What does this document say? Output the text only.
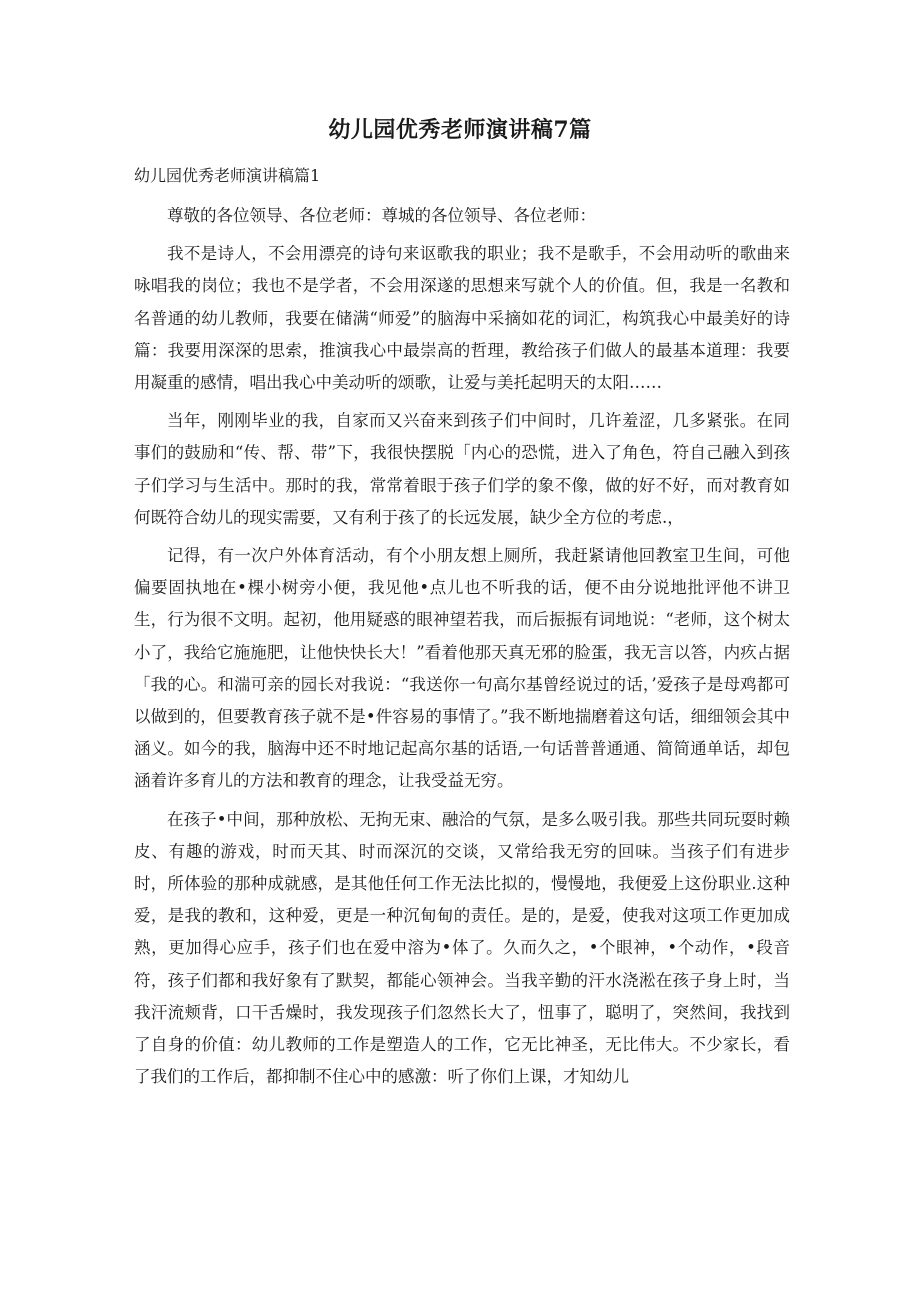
幼儿园优秀老师演讲稿7篇
幼儿园优秀老师演讲稿篇1

尊敬的各位领导、各位老师：尊城的各位领导、各位老师：

我不是诗人，不会用漂亮的诗句来讴歌我的职业；我不是歌手，不会用动听的歌曲来咏唱我的岗位；我也不是学者，不会用深遂的思想来写就个人的价值。但，我是一名教和名普通的幼儿教师，我要在储满“师爱”的脑海中采摘如花的词汇，构筑我心中最美好的诗篇：我要用深深的思索，推演我心中最崇高的哲理，教给孩子们做人的最基本道理：我要用凝重的感情，唱出我心中美动听的颂歌，让爱与美托起明天的太阳……

当年，刚刚毕业的我，自家而又兴奋来到孩子们中间时，几许羞涩，几多紧张。在同事们的鼓励和“传、帮、带”下，我很快摆脱「内心的恐慌，进入了角色，符自己融入到孩子们学习与生活中。那时的我，常常着眼于孩子们学的象不像，做的好不好，而对教育如何既符合幼儿的现实需要，又有利于孩了的长远发展，缺少全方位的考虑.，

记得，有一次户外体育活动，有个小朋友想上厕所，我赶紧请他回教室卫生间，可他偏要固执地在•棵小树旁小便，我见他•点儿也不听我的话，便不由分说地批评他不讲卫生，行为很不文明。起初，他用疑惑的眼神望若我，而后振振有词地说：“老师，这个树太小了，我给它施施肥，让他快快长大！”看着他那天真无邪的脸蛋，我无言以答，内疚占据「我的心。和湍可亲的园长对我说：“我送你一句高尔基曾经说过的话，’爱孩子是母鸡都可以做到的，但要教育孩子就不是•件容易的事情了。”我不断地揣磨着这句话，细细领会其中涵义。如今的我，脑海中还不时地记起高尔基的话语,一句话普普通通、简简通单话，却包涵着许多育儿的方法和教育的理念，让我受益无穷。

在孩子•中间，那种放松、无拘无束、融洽的气氛，是多么吸引我。那些共同玩耍时赖皮、有趣的游戏，时而天其、时而深沉的交谈，又常给我无穷的回味。当孩子们有进步时，所体验的那种成就感，是其他任何工作无法比拟的，慢慢地，我便爱上这份职业.这种爱，是我的教和，这种爱，更是一种沉甸甸的责任。是的，是爱，使我对这项工作更加成熟，更加得心应手，孩子们也在爱中溶为•体了。久而久之，•个眼神，•个动作，•段音符，孩子们都和我好象有了默契，都能心领神会。当我辛勤的汗水浇淞在孩子身上时，当我汗流颊背，口干舌燥时，我发现孩子们忽然长大了，忸事了，聪明了，突然间，我找到了自身的价值：幼儿教师的工作是塑造人的工作，它无比神圣，无比伟大。不少家长，看了我们的工作后，都抑制不住心中的感激：听了你们上课，才知幼儿
